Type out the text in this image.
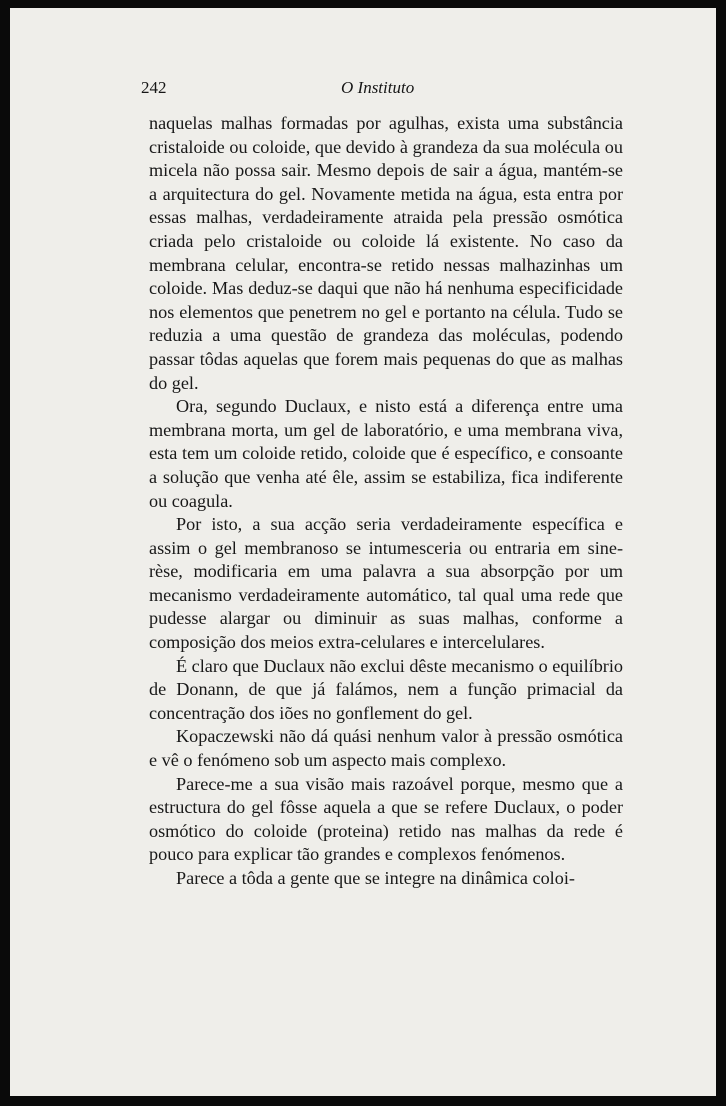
242	O Instituto

naquelas malhas formadas por agulhas, exista uma substância cristaloide ou coloide, que devido à grandeza da sua molécula ou micela não possa sair. Mesmo depois de sair a água, mantém-se a arquitectura do gel. Novamente metida na água, esta entra por essas malhas, verdadeiramente atraida pela pressão osmótica criada pelo cristaloide ou coloide lá existente. No caso da membrana celular, encontra-se retido nessas malhazinhas um coloide. Mas deduz-se daqui que não há nenhuma especificidade nos elementos que penetrem no gel e portanto na célula. Tudo se reduzia a uma questão de grandeza das moléculas, podendo passar tôdas aquelas que forem mais pequenas do que as malhas do gel.

Ora, segundo Duclaux, e nisto está a diferença entre uma membrana morta, um gel de laboratório, e uma membrana viva, esta tem um coloide retido, coloide que é específico, e consoante a solução que venha até êle, assim se estabiliza, fica indiferente ou coagula.

Por isto, a sua acção seria verdadeiramente específica e assim o gel membranoso se intumesceria ou entraria em sinerèse, modificaria em uma palavra a sua absorpção por um mecanismo verdadeiramente automático, tal qual uma rede que pudesse alargar ou diminuir as suas malhas, conforme a composição dos meios extra-celulares e intercelulares.

É claro que Duclaux não exclui dêste mecanismo o equilíbrio de Donann, de que já falámos, nem a função primacial da concentração dos iões no gonflement do gel.

Kopaczewski não dá quási nenhum valor à pressão osmótica e vê o fenómeno sob um aspecto mais complexo.

Parece-me a sua visão mais razoável porque, mesmo que a estructura do gel fôsse aquela a que se refere Duclaux, o poder osmótico do coloide (proteina) retido nas malhas da rede é pouco para explicar tão grandes e complexos fenómenos.

Parece a tôda a gente que se integre na dinâmica coloi-
